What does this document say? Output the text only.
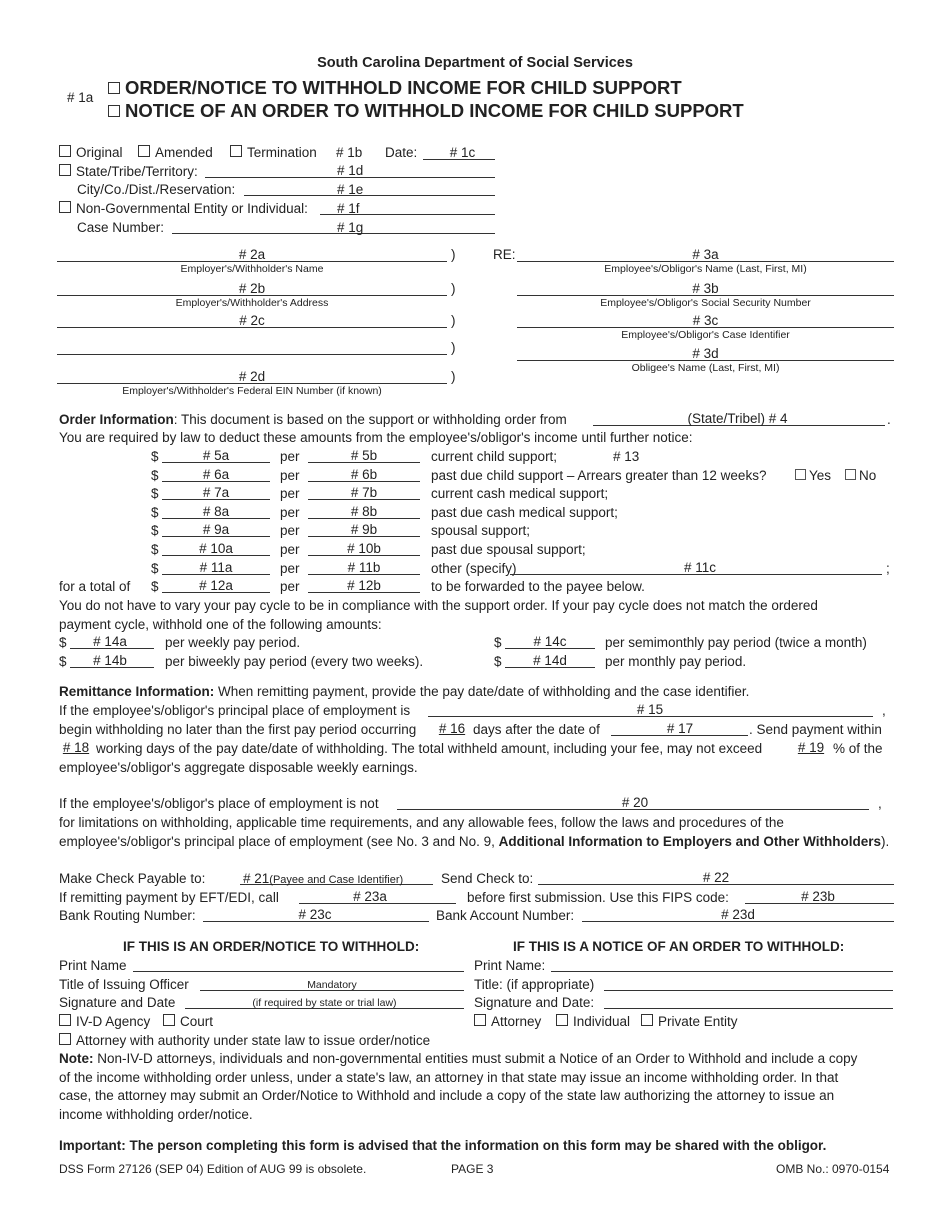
South Carolina Department of Social Services
# 1a	ORDER/NOTICE TO WITHHOLD INCOME FOR CHILD SUPPORT
NOTICE OF AN ORDER TO WITHHOLD INCOME FOR CHILD SUPPORT
Original	Amended	Termination # 1b Date:	# 1c
State/Tribe/Territory:	# 1d
City/Co./Dist./Reservation:	# 1e
Non-Governmental Entity or Individual: # 1f
Case Number:	# 1g
# 2a	)
Employer's/Withholder's Name
# 2b	)
Employer's/Withholder's Address
# 2c	)
)
# 2d	)
Employer's/Withholder's Federal EIN Number (if known)
RE:	# 3a
Employee's/Obligor's Name (Last, First, MI)
# 3b
Employee's/Obligor's Social Security Number
# 3c
Employee's/Obligor's Case Identifier
# 3d
Obligee's Name (Last, First, MI)
Order Information: This document is based on the support or withholding order from	(State/Tribel) # 4	.
You are required by law to deduct these amounts from the employee's/obligor's income until further notice:
$	# 5a	per	# 5b	current child support;	# 13
$	# 6a	per	# 6b	past due child support – Arrears greater than 12 weeks?	Yes	No
$	# 7a	per	# 7b	current cash medical support;
$	# 8a	per	# 8b	past due cash medical support;
$	# 9a	per	# 9b	spousal support;
$	# 10a	per	# 10b	past due spousal support;
$	# 11a	per	# 11b	other (specify)	# 11c	;
for a total of $	# 12a	per	# 12b	to be forwarded to the payee below.
You do not have to vary your pay cycle to be in compliance with the support order. If your pay cycle does not match the ordered
payment cycle, withhold one of the following amounts:
$	# 14a	per weekly pay period.
$	# 14b	per biweekly pay period (every two weeks).
$	# 14c	per semimonthly pay period (twice a month)
$	# 14d	per monthly pay period.
Remittance Information: When remitting payment, provide the pay date/date of withholding and the case identifier.
If the employee's/obligor's principal place of employment is	# 15	,
begin withholding no later than the first pay period occurring # 16 days after the date of	# 17	. Send payment within
# 18 working days of the pay date/date of withholding. The total withheld amount, including your fee, may not exceed	# 19 % of the
employee's/obligor's aggregate disposable weekly earnings.
If the employee's/obligor's place of employment is not	# 20	,
for limitations on withholding, applicable time requirements, and any allowable fees, follow the laws and procedures of the
employee's/obligor's principal place of employment (see No. 3 and No. 9, Additional Information to Employers and Other Withholders).
Make Check Payable to:	# 21(Payee and Case Identifier)	Send Check to:	# 22
If remitting payment by EFT/EDI, call	# 23a	before first submission. Use this FIPS code:	# 23b
Bank Routing Number:	# 23c	Bank Account Number:	# 23d
IF THIS IS AN ORDER/NOTICE TO WITHHOLD:	IF THIS IS A NOTICE OF AN ORDER TO WITHHOLD:
Print Name
Title of Issuing Officer	Mandatory
Signature and Date	(if required by state or trial law)
IV-D Agency	Court
Attorney with authority under state law to issue order/notice
Print Name:
Title: (if appropriate)
Signature and Date:
Attorney	Individual	Private Entity
Note: Non-IV-D attorneys, individuals and non-governmental entities must submit a Notice of an Order to Withhold and include a copy
of the income withholding order unless, under a state's law, an attorney in that state may issue an income withholding order. In that
case, the attorney may submit an Order/Notice to Withhold and include a copy of the state law authorizing the attorney to issue an
income withholding order/notice.
Important: The person completing this form is advised that the information on this form may be shared with the obligor.
DSS Form 27126 (SEP 04) Edition of AUG 99 is obsolete.	PAGE 3	OMB No.: 0970-0154
